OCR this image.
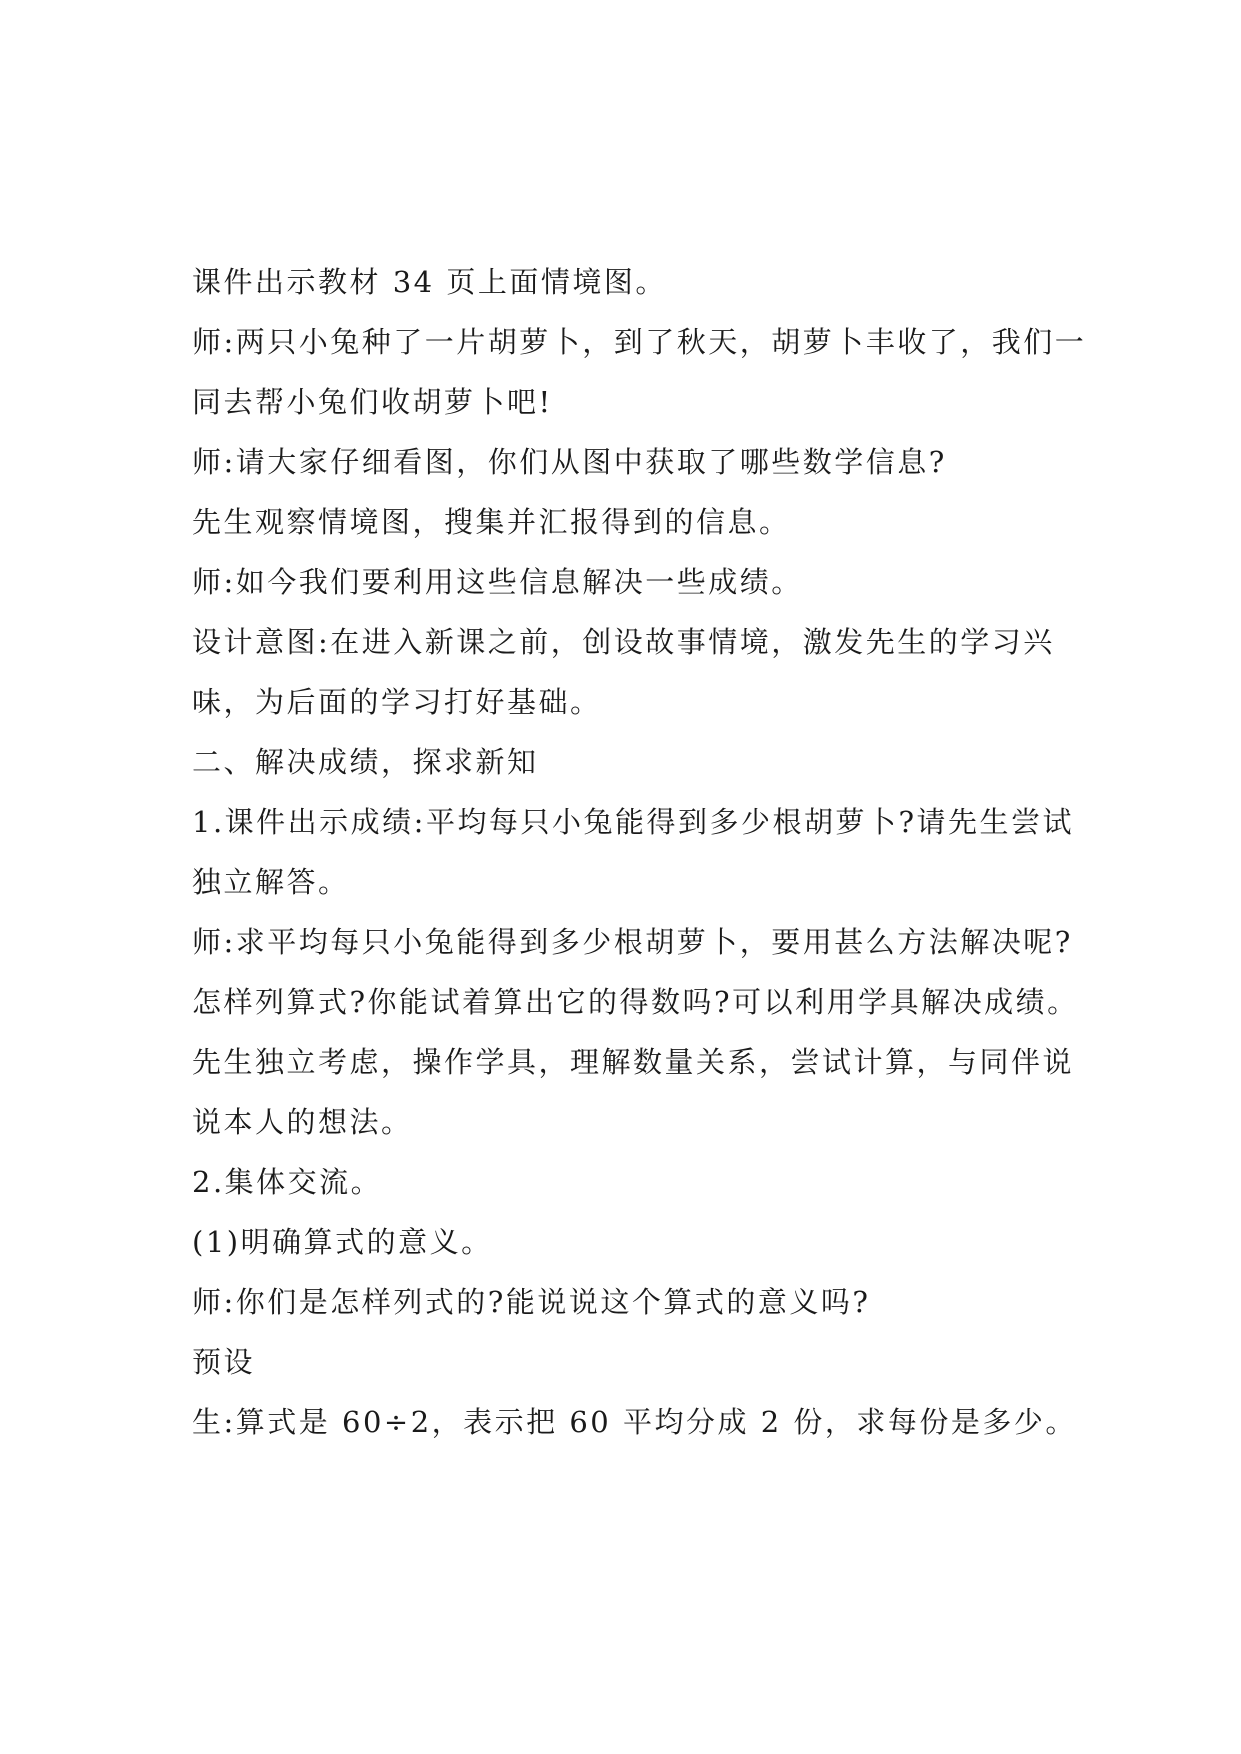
课件出示教材 34 页上面情境图。
师:两只小兔种了一片胡萝卜，到了秋天，胡萝卜丰收了，我们一
同去帮小兔们收胡萝卜吧!
师:请大家仔细看图，你们从图中获取了哪些数学信息?
先生观察情境图，搜集并汇报得到的信息。
师:如今我们要利用这些信息解决一些成绩。
设计意图:在进入新课之前，创设故事情境，激发先生的学习兴
味，为后面的学习打好基础。
二、解决成绩，探求新知
1.课件出示成绩:平均每只小兔能得到多少根胡萝卜?请先生尝试
独立解答。
师:求平均每只小兔能得到多少根胡萝卜，要用甚么方法解决呢?
怎样列算式?你能试着算出它的得数吗?可以利用学具解决成绩。
先生独立考虑，操作学具，理解数量关系，尝试计算，与同伴说
说本人的想法。
2.集体交流。
(1)明确算式的意义。
师:你们是怎样列式的?能说说这个算式的意义吗?
预设
生:算式是 60÷2，表示把 60 平均分成 2 份，求每份是多少。
